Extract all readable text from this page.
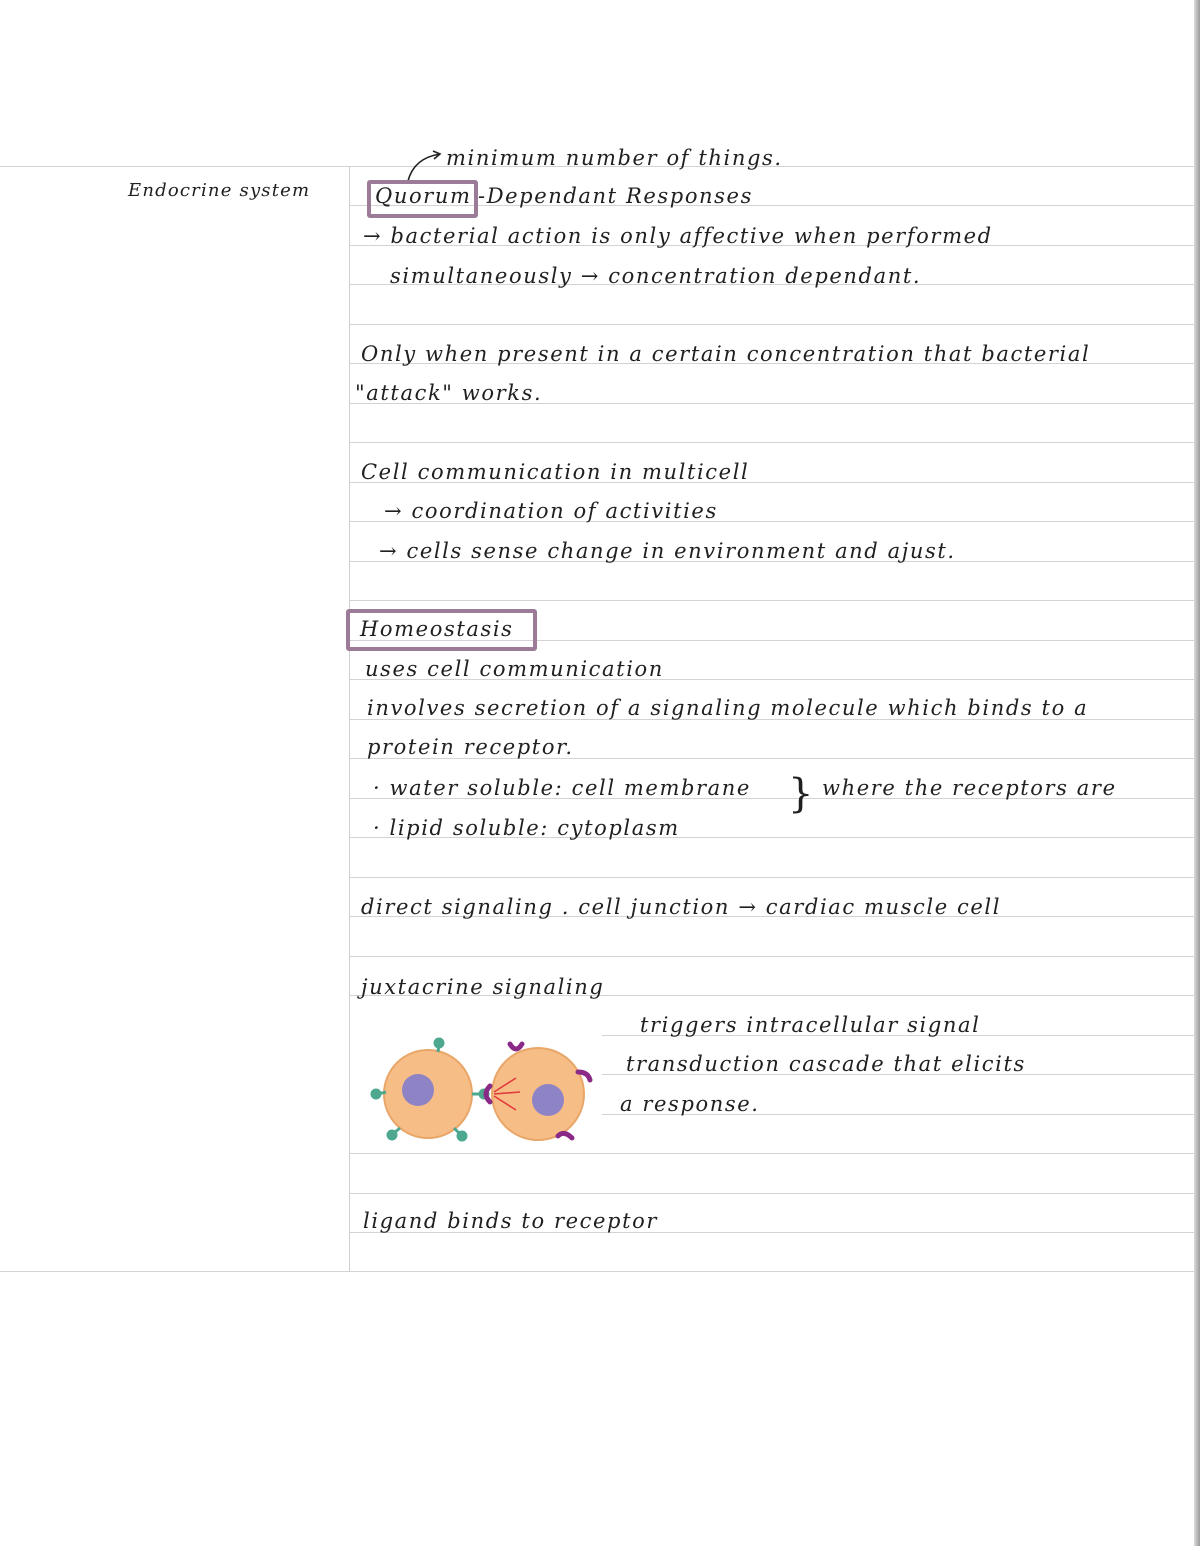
Endocrine system
minimum number of things.
Quorum -Dependant Responses
→ bacterial action is only affective when performed
simultaneously → concentration dependant.
Only when present in a certain concentration that bacterial
"attack" works.
Cell communication in multicell
→ coordination of activities
→ cells sense change in environment and ajust.
Homeostasis
uses cell communication
involves secretion of a signaling molecule which binds to a
protein receptor.
· water soluble: cell membrane
· lipid soluble: cytoplasm
} where the receptors are
direct signaling . cell junction → cardiac muscle cell
juxtacrine signaling
triggers intracellular signal
transduction cascade that elicits
a response.
ligand binds to receptor
